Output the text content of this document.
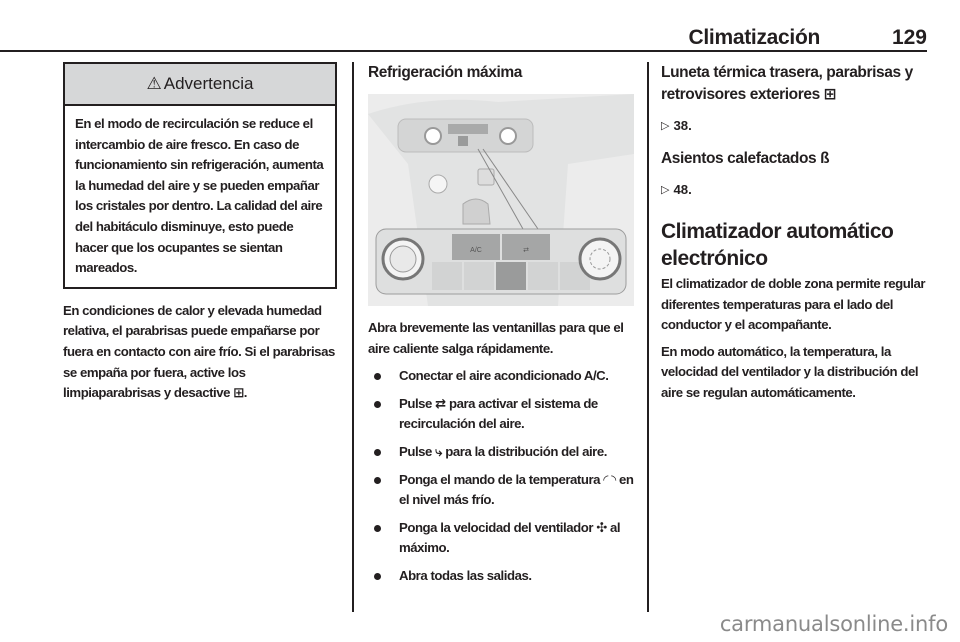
Climatización	129
⚠ Advertencia
En el modo de recirculación se reduce el intercambio de aire fresco. En caso de funcionamiento sin refrigeración, aumenta la humedad del aire y se pueden empañar los cristales por dentro. La calidad del aire del habitáculo disminuye, esto puede hacer que los ocupantes se sientan mareados.

En condiciones de calor y elevada humedad relativa, el parabrisas puede empañarse por fuera en contacto con aire frío. Si el parabrisas se empaña por fuera, active los limpiaparabrisas y desactive ⊞.

Refrigeración máxima
A/C	⇄

Abra brevemente las ventanillas para que el aire caliente salga rápidamente.

Conectar el aire acondicionado A/C.
Pulse ⇄ para activar el sistema de recirculación del aire.
Pulse ⤷ para la distribución del aire.
Ponga el mando de la temperatura ◜ ◝ en el nivel más frío.
Ponga la velocidad del ventilador ✣ al máximo.
Abra todas las salidas.
Luneta térmica trasera, parabrisas y retrovisores exteriores ⊞
▷ 38.
Asientos calefactados ß
▷ 48.
Climatizador automático electrónico

El climatizador de doble zona permite regular diferentes temperaturas para el lado del conductor y el acompañante.

En modo automático, la temperatura, la velocidad del ventilador y la distribución del aire se regulan automáticamente.

carmanualsonline.info
